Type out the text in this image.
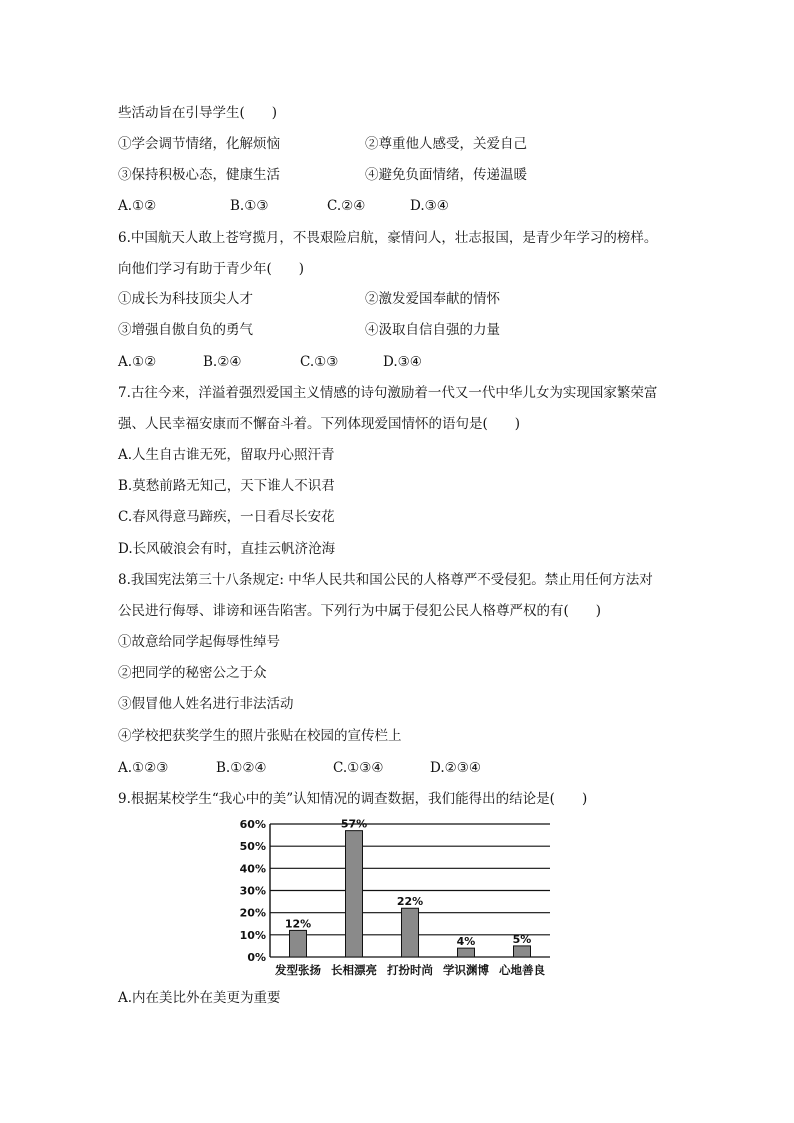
些活动旨在引导学生(　　)
①学会调节情绪，化解烦恼	②尊重他人感受，关爱自己
③保持积极心态，健康生活	④避免负面情绪，传递温暖
A.①②	B.①③	C.②④	D.③④
6.中国航天人敢上苍穹揽月，不畏艰险启航，豪情问人，壮志报国，是青少年学习的榜样。
向他们学习有助于青少年(　　)
①成长为科技顶尖人才	②激发爱国奉献的情怀
③增强自傲自负的勇气	④汲取自信自强的力量
A.①②	B.②④	C.①③	D.③④
7.古往今来，洋溢着强烈爱国主义情感的诗句激励着一代又一代中华儿女为实现国家繁荣富
强、人民幸福安康而不懈奋斗着。下列体现爱国情怀的语句是(　　)
A.人生自古谁无死，留取丹心照汗青
B.莫愁前路无知己，天下谁人不识君
C.春风得意马蹄疾，一日看尽长安花
D.长风破浪会有时，直挂云帆济沧海
8.我国宪法第三十八条规定: 中华人民共和国公民的人格尊严不受侵犯。禁止用任何方法对
公民进行侮辱、诽谤和诬告陷害。下列行为中属于侵犯公民人格尊严权的有(　　)
①故意给同学起侮辱性绰号
②把同学的秘密公之于众
③假冒他人姓名进行非法活动
④学校把获奖学生的照片张贴在校园的宣传栏上
A.①②③	B.①②④	C.①③④	D.②③④
9.根据某校学生“我心中的美”认知情况的调查数据，我们能得出的结论是(　　)
0%
10%
20%
30%
40%
50%
60%
12%
57%
22%
4%	5%
发型张扬 长相漂亮 打扮时尚 学识渊博 心地善良
A.内在美比外在美更为重要
